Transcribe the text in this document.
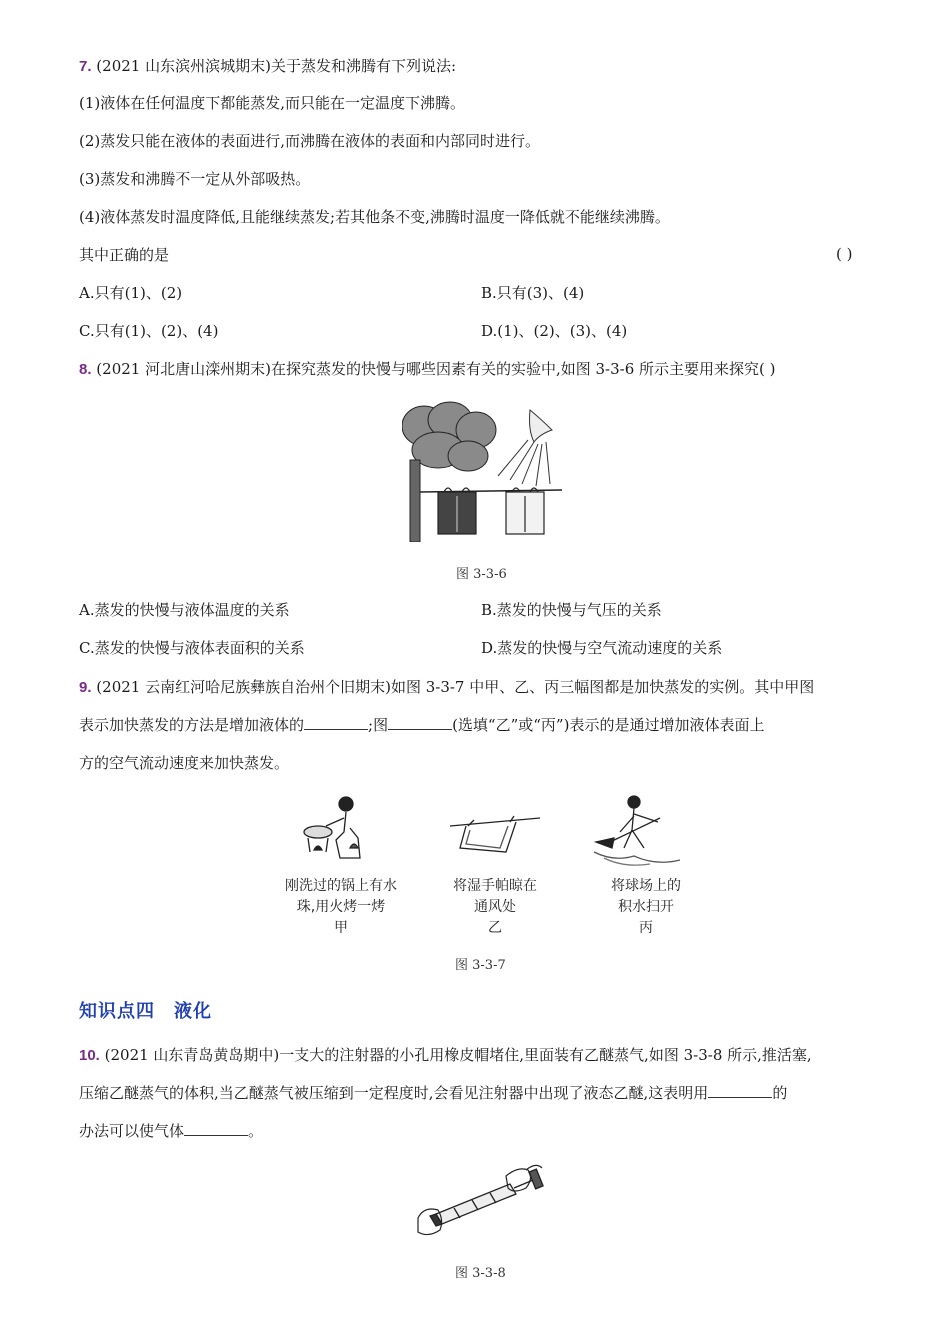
7. (2021 山东滨州滨城期末)关于蒸发和沸腾有下列说法:
(1)液体在任何温度下都能蒸发,而只能在一定温度下沸腾。
(2)蒸发只能在液体的表面进行,而沸腾在液体的表面和内部同时进行。
(3)蒸发和沸腾不一定从外部吸热。
(4)液体蒸发时温度降低,且能继续蒸发;若其他条不变,沸腾时温度一降低就不能继续沸腾。
其中正确的是	( )
A.只有(1)、(2)	B.只有(3)、(4)
C.只有(1)、(2)、(4)	D.(1)、(2)、(3)、(4)
8. (2021 河北唐山滦州期末)在探究蒸发的快慢与哪些因素有关的实验中,如图 3-3-6 所示主要用来探究( )
图 3-3-6
A.蒸发的快慢与液体温度的关系	B.蒸发的快慢与气压的关系
C.蒸发的快慢与液体表面积的关系	D.蒸发的快慢与空气流动速度的关系
9. (2021 云南红河哈尼族彝族自治州个旧期末)如图 3-3-7 中甲、乙、丙三幅图都是加快蒸发的实例。其中甲图
表示加快蒸发的方法是增加液体的	;图	(选填“乙”或“丙”)表示的是通过增加液体表面上
方的空气流动速度来加快蒸发。
刚洗过的锅上有水
珠,用火烤一烤
甲
将湿手帕晾在
通风处
乙
将球场上的
积水扫开
丙
图 3-3-7
知识点四　液化
10. (2021 山东青岛黄岛期中)一支大的注射器的小孔用橡皮帽堵住,里面装有乙醚蒸气,如图 3-3-8 所示,推活塞,
压缩乙醚蒸气的体积,当乙醚蒸气被压缩到一定程度时,会看见注射器中出现了液态乙醚,这表明用	的
办法可以使气体	。
图 3-3-8
